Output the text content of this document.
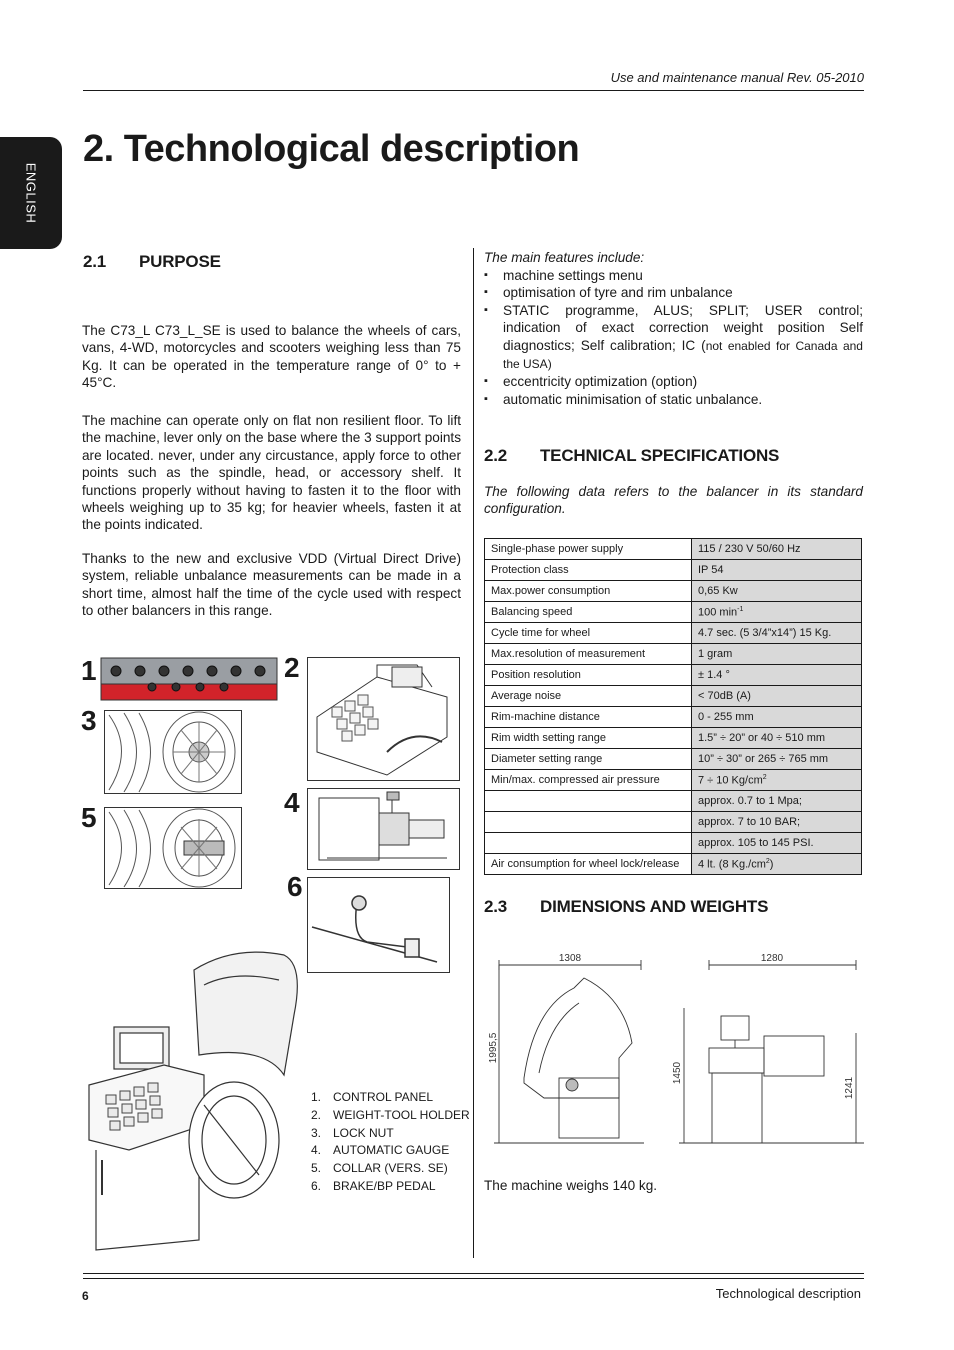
Use and maintenance manual Rev. 05-2010
ENGLISH
2. Technological description
2.1 PURPOSE
The C73_L C73_L_SE is used to balance the wheels of cars, vans, 4-WD, motorcycles and scooters weighing less than 75 Kg. It can be operated in the temperature range of 0° to + 45°C.
The machine can operate only on flat non resilient floor. To lift the machine, lever only on the base where the 3 support points are located. never, under any circustance, apply force to other points such as the spindle, head, or accessory shelf. It functions properly without having to fasten it to the floor with wheels weighing up to 35 kg; for heavier wheels, fasten it at the points indicated.
Thanks to the new and exclusive VDD (Virtual Direct Drive) system, reliable unbalance measurements can be made in a short time, almost half the time of the cycle used with respect to other balancers in this range.
1	2
3
4
5
6
1. CONTROL PANEL
2. WEIGHT-TOOL HOLDER
3. LOCK NUT
4. AUTOMATIC GAUGE
5. COLLAR (VERS. SE)
6. BRAKE/BP PEDAL
The main features include:
▪ machine settings menu
▪ optimisation of tyre and rim unbalance
▪ STATIC programme, ALUS; SPLIT; USER control; indication of exact correction weight position Self diagnostics; Self calibration; IC (not enabled for Canada and the USA)
▪ eccentricity optimization (option)
▪ automatic minimisation of static unbalance.
2.2 TECHNICAL SPECIFICATIONS
The following data refers to the balancer in its standard configuration.
Single-phase power supply	115 / 230 V 50/60 Hz
Protection class	IP 54
Max.power consumption	0,65 Kw
Balancing speed	100 $\min^{-1}$
Cycle time for wheel	4.7 sec. (5 3/4”x14”) 15 Kg.
Max.resolution of measurement	1 gram
Position resolution	± 1.4 °
Average noise	< 70dB (A)
Rim-machine distance	0 - 255 mm
Rim width setting range	1.5” ÷ 20” or 40 ÷ 510 mm
Diameter setting range	10” ÷ 30” or 265 ÷ 765 mm
Min/max. compressed air pressure	7 ÷ 10 $Kg/cm^2$
	approx. 0.7 to 1 Mpa;
	approx. 7 to 10 BAR;
	approx. 105 to 145 PSI.
Air consumption for wheel lock/release	4 lt. (8 $Kg./cm^2$)
2.3 DIMENSIONS AND WEIGHTS
1308
1995,5
1280
1450
1241
The machine weighs 140 kg.
6	Technological description
